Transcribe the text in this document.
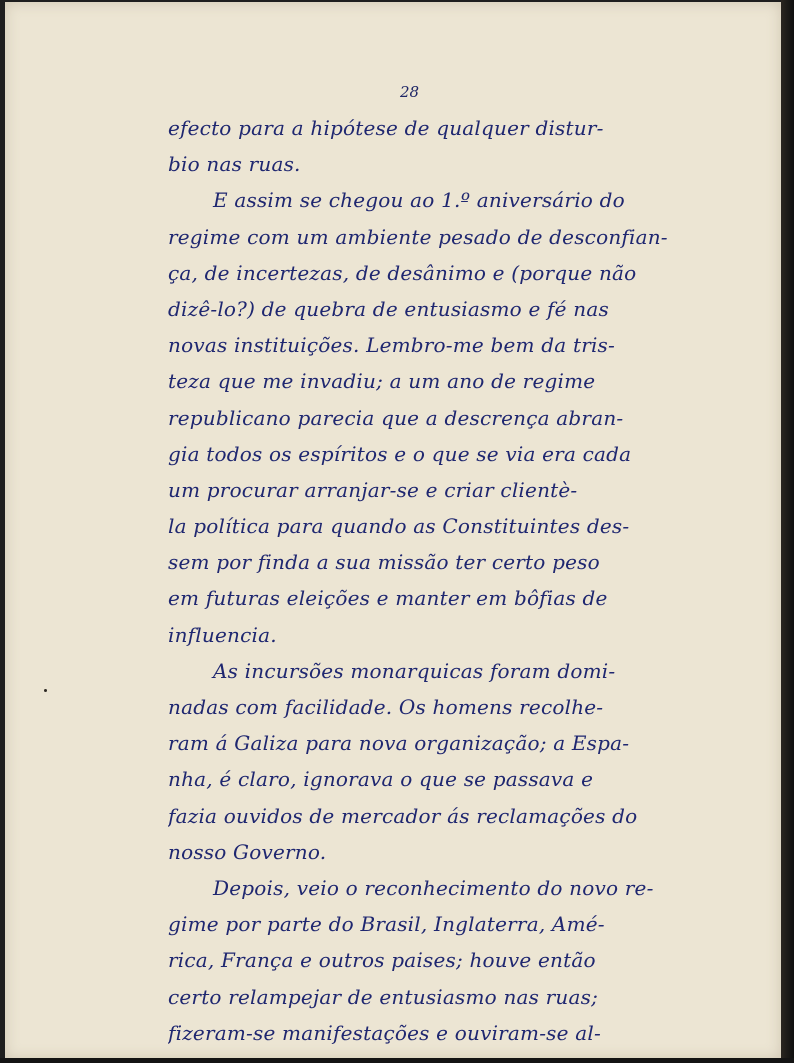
28
efecto para a hipótese de qualquer distur-
bio nas ruas.
E assim se chegou ao 1.º aniversário do
regime com um ambiente pesado de desconfian-
ça, de incertezas, de desânimo e (porque não
dizê-lo?) de quebra de entusiasmo e fé nas
novas instituições. Lembro-me bem da tris-
teza que me invadiu; a um ano de regime
republicano parecia que a descrença abran-
gia todos os espíritos e o que se via era cada
um procurar arranjar-se e criar clientè-
la política para quando as Constituintes des-
sem por finda a sua missão ter certo peso
em futuras eleições e manter em bôfias de
influencia.
As incursões monarquicas foram domi-
nadas com facilidade. Os homens recolhe-
ram á Galiza para nova organização; a Espa-
nha, é claro, ignorava o que se passava e
fazia ouvidos de mercador ás reclamações do
nosso Governo.
Depois, veio o reconhecimento do novo re-
gime por parte do Brasil, Inglaterra, Amé-
rica, França e outros paises; houve então
certo relampejar de entusiasmo nas ruas;
fizeram-se manifestações e ouviram-se al-
